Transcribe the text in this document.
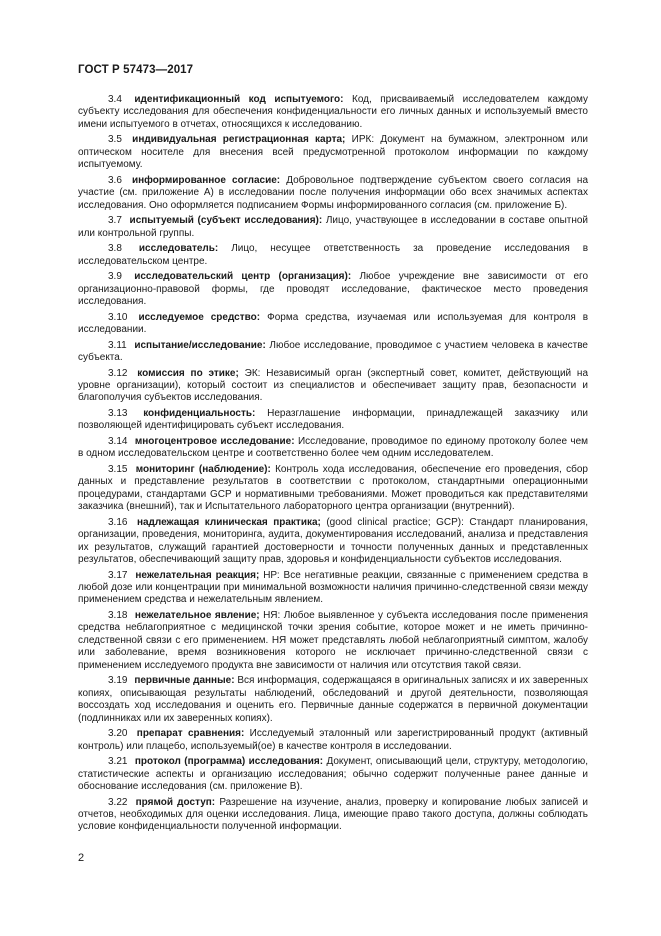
ГОСТ Р 57473—2017

3.4 идентификационный код испытуемого: Код, присваиваемый исследователем каждому субъекту исследования для обеспечения конфиденциальности его личных данных и используемый вместо имени испытуемого в отчетах, относящихся к исследованию.

3.5 индивидуальная регистрационная карта; ИРК: Документ на бумажном, электронном или оптическом носителе для внесения всей предусмотренной протоколом информации по каждому испытуемому.

3.6 информированное согласие: Добровольное подтверждение субъектом своего согласия на участие (см. приложение А) в исследовании после получения информации обо всех значимых аспектах исследования. Оно оформляется подписанием Формы информированного согласия (см. приложение Б).

3.7 испытуемый (субъект исследования): Лицо, участвующее в исследовании в составе опытной или контрольной группы.

3.8 исследователь: Лицо, несущее ответственность за проведение исследования в исследовательском центре.

3.9 исследовательский центр (организация): Любое учреждение вне зависимости от его организационно-правовой формы, где проводят исследование, фактическое место проведения исследования.

3.10 исследуемое средство: Форма средства, изучаемая или используемая для контроля в исследовании.

3.11 испытание/исследование: Любое исследование, проводимое с участием человека в качестве субъекта.

3.12 комиссия по этике; ЭК: Независимый орган (экспертный совет, комитет, действующий на уровне организации), который состоит из специалистов и обеспечивает защиту прав, безопасности и благополучия субъектов исследования.

3.13 конфиденциальность: Неразглашение информации, принадлежащей заказчику или позволяющей идентифицировать субъект исследования.

3.14 многоцентровое исследование: Исследование, проводимое по единому протоколу более чем в одном исследовательском центре и соответственно более чем одним исследователем.

3.15 мониторинг (наблюдение): Контроль хода исследования, обеспечение его проведения, сбор данных и представление результатов в соответствии с протоколом, стандартными операционными процедурами, стандартами GCP и нормативными требованиями. Может проводиться как представителями заказчика (внешний), так и Испытательного лабораторного центра организации (внутренний).

3.16 надлежащая клиническая практика; (good clinical practice; GCP): Стандарт планирования, организации, проведения, мониторинга, аудита, документирования исследований, анализа и представления их результатов, служащий гарантией достоверности и точности полученных данных и представленных результатов, обеспечивающий защиту прав, здоровья и конфиденциальности субъектов исследования.

3.17 нежелательная реакция; НР: Все негативные реакции, связанные с применением средства в любой дозе или концентрации при минимальной возможности наличия причинно-следственной связи между применением средства и нежелательным явлением.

3.18 нежелательное явление; НЯ: Любое выявленное у субъекта исследования после применения средства неблагоприятное с медицинской точки зрения событие, которое может и не иметь причинно-следственной связи с его применением. НЯ может представлять любой неблагоприятный симптом, жалобу или заболевание, время возникновения которого не исключает причинно-следственной связи с применением исследуемого продукта вне зависимости от наличия или отсутствия такой связи.

3.19 первичные данные: Вся информация, содержащаяся в оригинальных записях и их заверенных копиях, описывающая результаты наблюдений, обследований и другой деятельности, позволяющая воссоздать ход исследования и оценить его. Первичные данные содержатся в первичной документации (подлинниках или их заверенных копиях).

3.20 препарат сравнения: Исследуемый эталонный или зарегистрированный продукт (активный контроль) или плацебо, используемый(ое) в качестве контроля в исследовании.

3.21 протокол (программа) исследования: Документ, описывающий цели, структуру, методологию, статистические аспекты и организацию исследования; обычно содержит полученные ранее данные и обоснование исследования (см. приложение В).

3.22 прямой доступ: Разрешение на изучение, анализ, проверку и копирование любых записей и отчетов, необходимых для оценки исследования. Лица, имеющие право такого доступа, должны соблюдать условие конфиденциальности полученной информации.

2
